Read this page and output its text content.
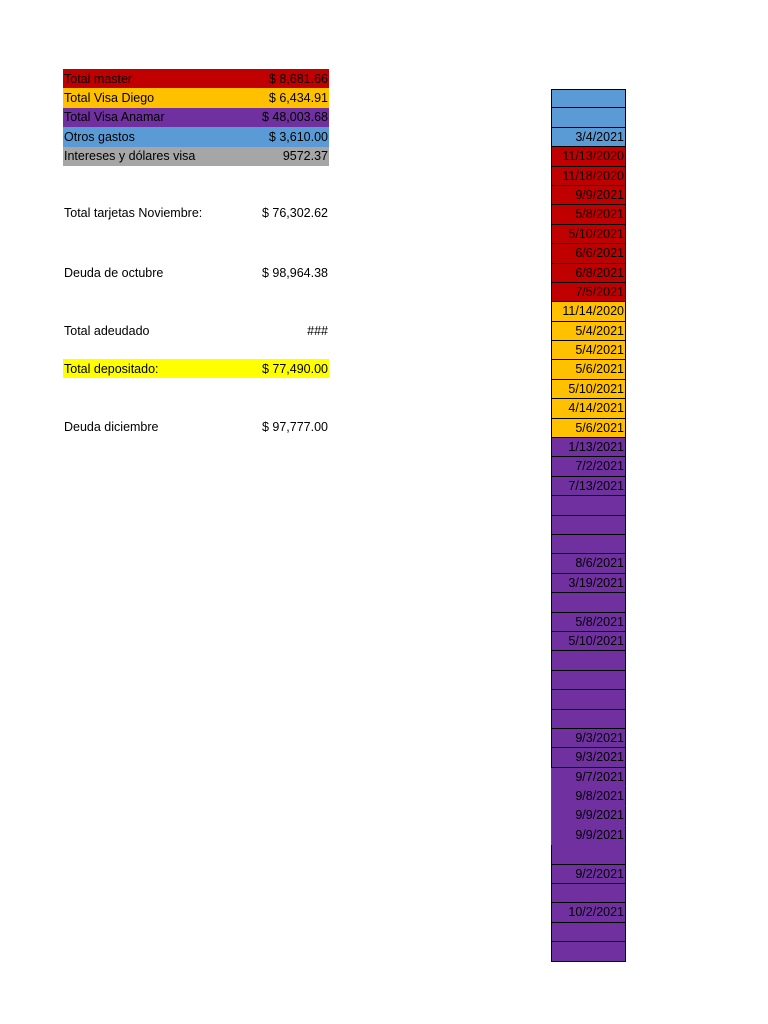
Total master	$ 8,681.66
Total Visa Diego	$ 6,434.91
Total Visa Anamar	$ 48,003.68
Otros gastos	$ 3,610.00
Intereses y dólares visa	9572.37
Total tarjetas Noviembre:	$ 76,302.62
Deuda de octubre	$ 98,964.38
Total adeudado	###
Total depositado:	$ 77,490.00
Deuda diciembre	$ 97,777.00
3/4/2021
11/13/2020
11/18/2020
9/9/2021
5/8/2021
5/10/2021
6/6/2021
6/8/2021
7/5/2021
11/14/2020
5/4/2021
5/4/2021
5/6/2021
5/10/2021
4/14/2021
5/6/2021
1/13/2021
7/2/2021
7/13/2021
8/6/2021
3/19/2021
5/8/2021
5/10/2021
9/3/2021
9/3/2021
9/7/2021
9/8/2021
9/9/2021
9/9/2021
9/2/2021
10/2/2021
